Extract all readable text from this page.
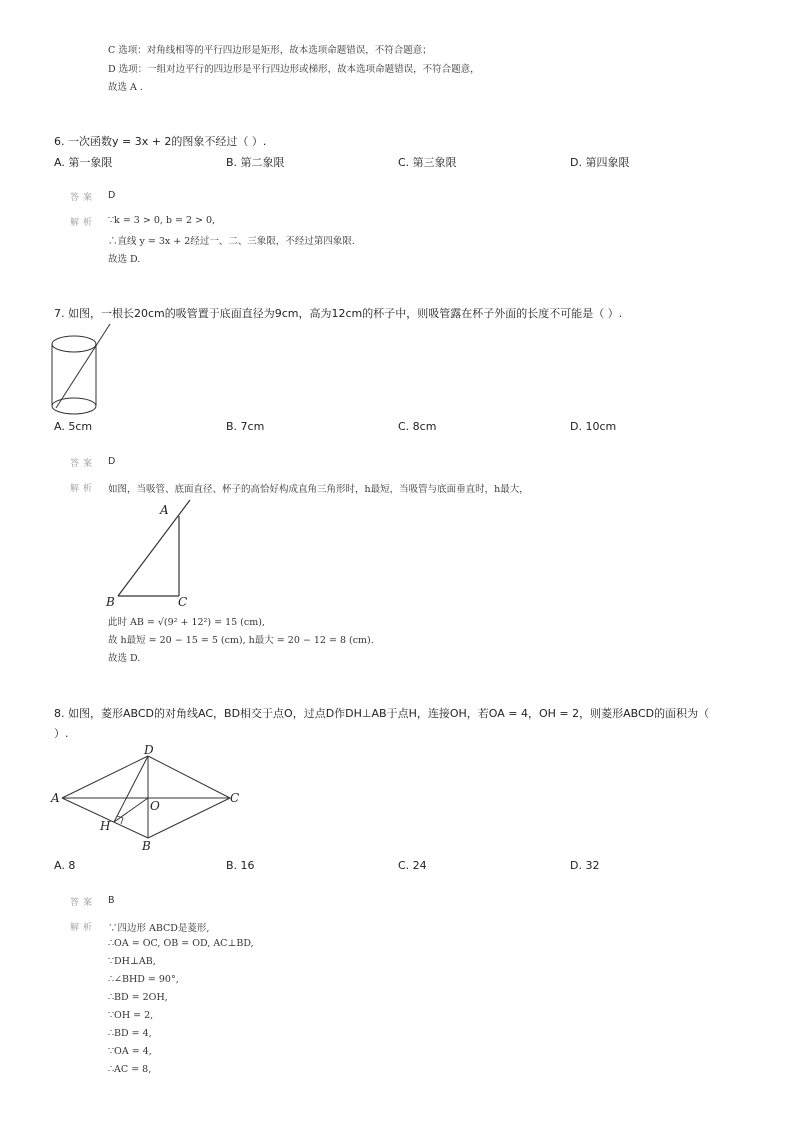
C 选项：对角线相等的平行四边形是矩形，故本选项命题错误，不符合题意；
D 选项：一组对边平行的四边形是平行四边形或梯形，故本选项命题错误，不符合题意，
故选 A .
6. 一次函数y = 3x + 2的图象不经过（ ）.
A. 第一象限	B. 第二象限	C. 第三象限	D. 第四象限
答案 D
解析 ∵k = 3 > 0, b = 2 > 0,
∴直线 y = 3x + 2经过一、二、三象限，不经过第四象限.
故选 D.
7. 如图，一根长20cm的吸管置于底面直径为9cm，高为12cm的杯子中，则吸管露在杯子外面的长度不可能是（ ）.
A. 5cm	B. 7cm	C. 8cm	D. 10cm
答案 D
解析 如图，当吸管、底面直径、杯子的高恰好构成直角三角形时，h最短，当吸管与底面垂直时，h最大，
A
B	C
此时 AB = √(9² + 12²) = 15 (cm),
故 h最短 = 20 − 15 = 5 (cm), h最大 = 20 − 12 = 8 (cm).
故选 D.
8. 如图，菱形ABCD的对角线AC，BD相交于点O，过点D作DH⊥AB于点H，连接OH，若OA = 4，OH = 2，则菱形ABCD的面积为（
）.
A
B
C
D
O
H
A. 8	B. 16	C. 24	D. 32
答案 B
解析 ∵四边形 ABCD是菱形,
∴OA = OC, OB = OD, AC⊥BD,
∵DH⊥AB,
∴∠BHD = 90°,
∴BD = 2OH,
∵OH = 2,
∴BD = 4,
∵OA = 4,
∴AC = 8,
